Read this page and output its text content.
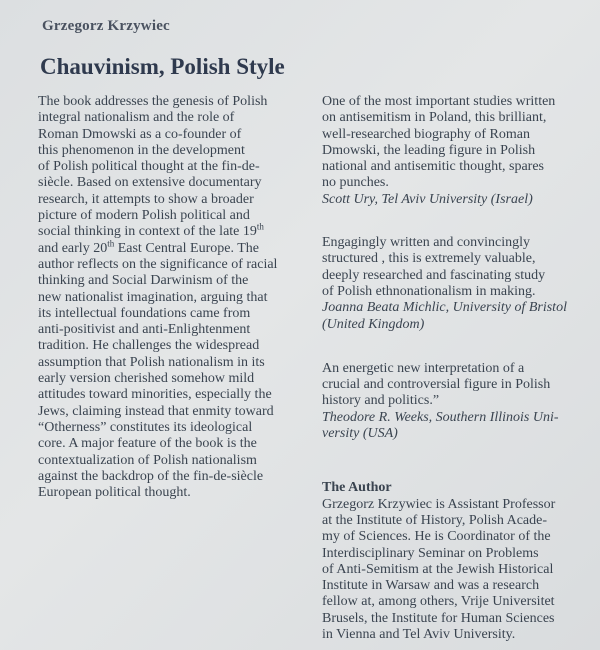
Grzegorz Krzywiec
Chauvinism, Polish Style
The book addresses the genesis of Polish
integral nationalism and the role of
Roman Dmowski as a co-founder of
this phenomenon in the development
of Polish political thought at the fin-de-
siècle. Based on extensive documentary
research, it attempts to show a broader
picture of modern Polish political and
social thinking in context of the late 19th
and early 20th East Central Europe. The
author reflects on the significance of racial
thinking and Social Darwinism of the
new nationalist imagination, arguing that
its intellectual foundations came from
anti-positivist and anti-Enlightenment
tradition. He challenges the widespread
assumption that Polish nationalism in its
early version cherished somehow mild
attitudes toward minorities, especially the
Jews, claiming instead that enmity toward
“Otherness” constitutes its ideological
core. A major feature of the book is the
contextualization of Polish nationalism
against the backdrop of the fin-de-siècle
European political thought.
One of the most important studies written
on antisemitism in Poland, this brilliant,
well-researched biography of Roman
Dmowski, the leading figure in Polish
national and antisemitic thought, spares
no punches.
Scott Ury, Tel Aviv University (Israel)
Engagingly written and convincingly
structured , this is extremely valuable,
deeply researched and fascinating study
of Polish ethnonationalism in making.
Joanna Beata Michlic, University of Bristol
(United Kingdom)
An energetic new interpretation of a
crucial and controversial figure in Polish
history and politics.”
Theodore R. Weeks, Southern Illinois Uni-
versity (USA)
The Author
Grzegorz Krzywiec is Assistant Professor
at the Institute of History, Polish Acade-
my of Sciences. He is Coordinator of the
Interdisciplinary Seminar on Problems
of Anti-Semitism at the Jewish Historical
Institute in Warsaw and was a research
fellow at, among others, Vrije Universitet
Brusels, the Institute for Human Sciences
in Vienna and Tel Aviv University.
